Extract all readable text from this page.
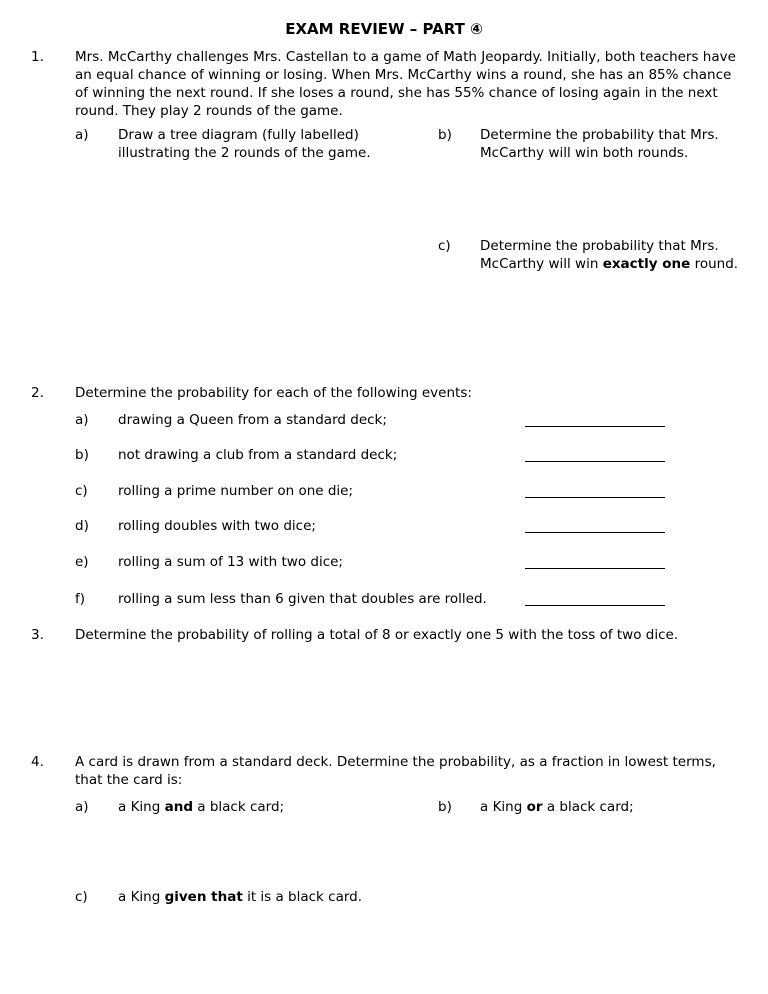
EXAM REVIEW – PART ④
1. Mrs. McCarthy challenges Mrs. Castellan to a game of Math Jeopardy. Initially, both teachers have an equal chance of winning or losing. When Mrs. McCarthy wins a round, she has an 85% chance of winning the next round. If she loses a round, she has 55% chance of losing again in the next round. They play 2 rounds of the game.
a) Draw a tree diagram (fully labelled) illustrating the 2 rounds of the game.
b) Determine the probability that Mrs. McCarthy will win both rounds.
c) Determine the probability that Mrs. McCarthy will win exactly one round.
2. Determine the probability for each of the following events:
a) drawing a Queen from a standard deck;
b) not drawing a club from a standard deck;
c) rolling a prime number on one die;
d) rolling doubles with two dice;
e) rolling a sum of 13 with two dice;
f) rolling a sum less than 6 given that doubles are rolled.
3. Determine the probability of rolling a total of 8 or exactly one 5 with the toss of two dice.
4. A card is drawn from a standard deck. Determine the probability, as a fraction in lowest terms, that the card is:
a) a King and a black card;	b) a King or a black card;
c) a King given that it is a black card.
